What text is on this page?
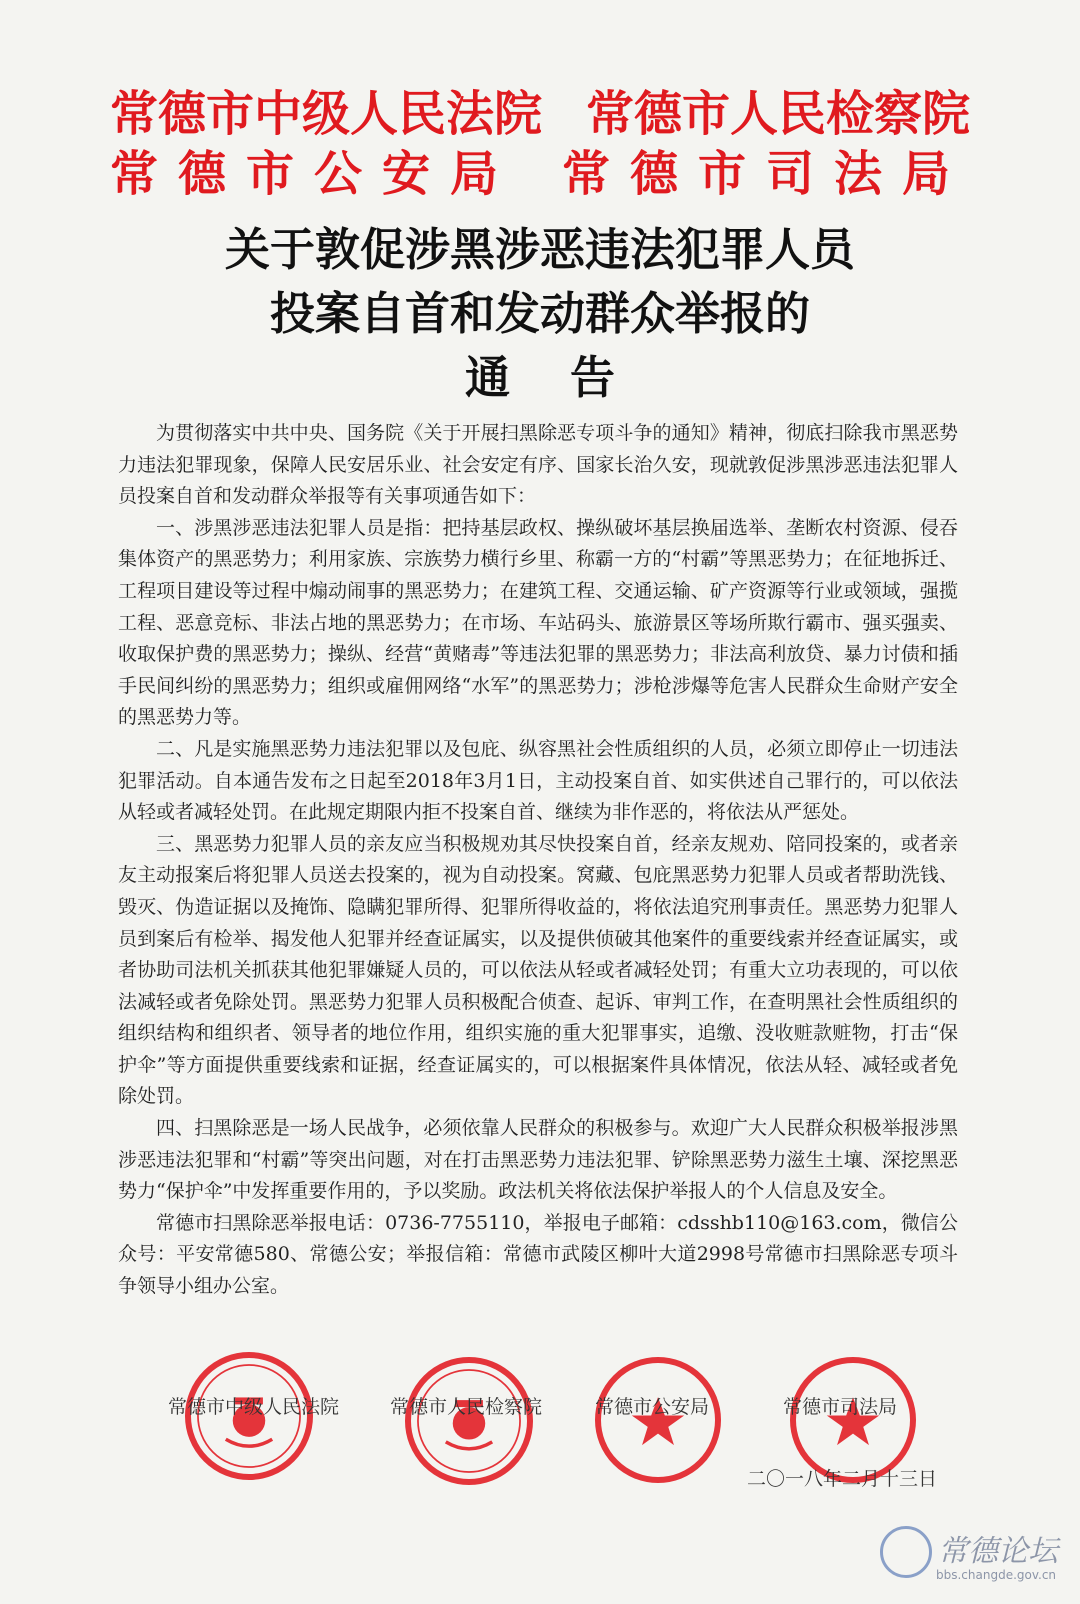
常德市中级人民法院 常德市人民检察院
常德市公安局 常德市司法局
关于敦促涉黑涉恶违法犯罪人员
投案自首和发动群众举报的
通告

为贯彻落实中共中央、国务院《关于开展扫黑除恶专项斗争的通知》精神，彻底扫除我市黑恶势力违法犯罪现象，保障人民安居乐业、社会安定有序、国家长治久安，现就敦促涉黑涉恶违法犯罪人员投案自首和发动群众举报等有关事项通告如下：

一、涉黑涉恶违法犯罪人员是指：把持基层政权、操纵破坏基层换届选举、垄断农村资源、侵吞集体资产的黑恶势力；利用家族、宗族势力横行乡里、称霸一方的“村霸”等黑恶势力；在征地拆迁、工程项目建设等过程中煽动闹事的黑恶势力；在建筑工程、交通运输、矿产资源等行业或领域，强揽工程、恶意竞标、非法占地的黑恶势力；在市场、车站码头、旅游景区等场所欺行霸市、强买强卖、收取保护费的黑恶势力；操纵、经营“黄赌毒”等违法犯罪的黑恶势力；非法高利放贷、暴力讨债和插手民间纠纷的黑恶势力；组织或雇佣网络“水军”的黑恶势力；涉枪涉爆等危害人民群众生命财产安全的黑恶势力等。

二、凡是实施黑恶势力违法犯罪以及包庇、纵容黑社会性质组织的人员，必须立即停止一切违法犯罪活动。自本通告发布之日起至2018年3月1日，主动投案自首、如实供述自己罪行的，可以依法从轻或者减轻处罚。在此规定期限内拒不投案自首、继续为非作恶的，将依法从严惩处。

三、黑恶势力犯罪人员的亲友应当积极规劝其尽快投案自首，经亲友规劝、陪同投案的，或者亲友主动报案后将犯罪人员送去投案的，视为自动投案。窝藏、包庇黑恶势力犯罪人员或者帮助洗钱、毁灭、伪造证据以及掩饰、隐瞒犯罪所得、犯罪所得收益的，将依法追究刑事责任。黑恶势力犯罪人员到案后有检举、揭发他人犯罪并经查证属实，以及提供侦破其他案件的重要线索并经查证属实，或者协助司法机关抓获其他犯罪嫌疑人员的，可以依法从轻或者减轻处罚；有重大立功表现的，可以依法减轻或者免除处罚。黑恶势力犯罪人员积极配合侦查、起诉、审判工作，在查明黑社会性质组织的组织结构和组织者、领导者的地位作用，组织实施的重大犯罪事实，追缴、没收赃款赃物，打击“保护伞”等方面提供重要线索和证据，经查证属实的，可以根据案件具体情况，依法从轻、减轻或者免除处罚。

四、扫黑除恶是一场人民战争，必须依靠人民群众的积极参与。欢迎广大人民群众积极举报涉黑涉恶违法犯罪和“村霸”等突出问题，对在打击黑恶势力违法犯罪、铲除黑恶势力滋生土壤、深挖黑恶势力“保护伞”中发挥重要作用的，予以奖励。政法机关将依法保护举报人的个人信息及安全。

常德市扫黑除恶举报电话：0736-7755110，举报电子邮箱：cdsshb110@163.com，微信公众号：平安常德580、常德公安；举报信箱：常德市武陵区柳叶大道2998号常德市扫黑除恶专项斗争领导小组办公室。

常德市中级人民法院	常德市人民检察院	常德市公安局	常德市司法局
二〇一八年二月十三日
常德论坛
bbs.changde.gov.cn
